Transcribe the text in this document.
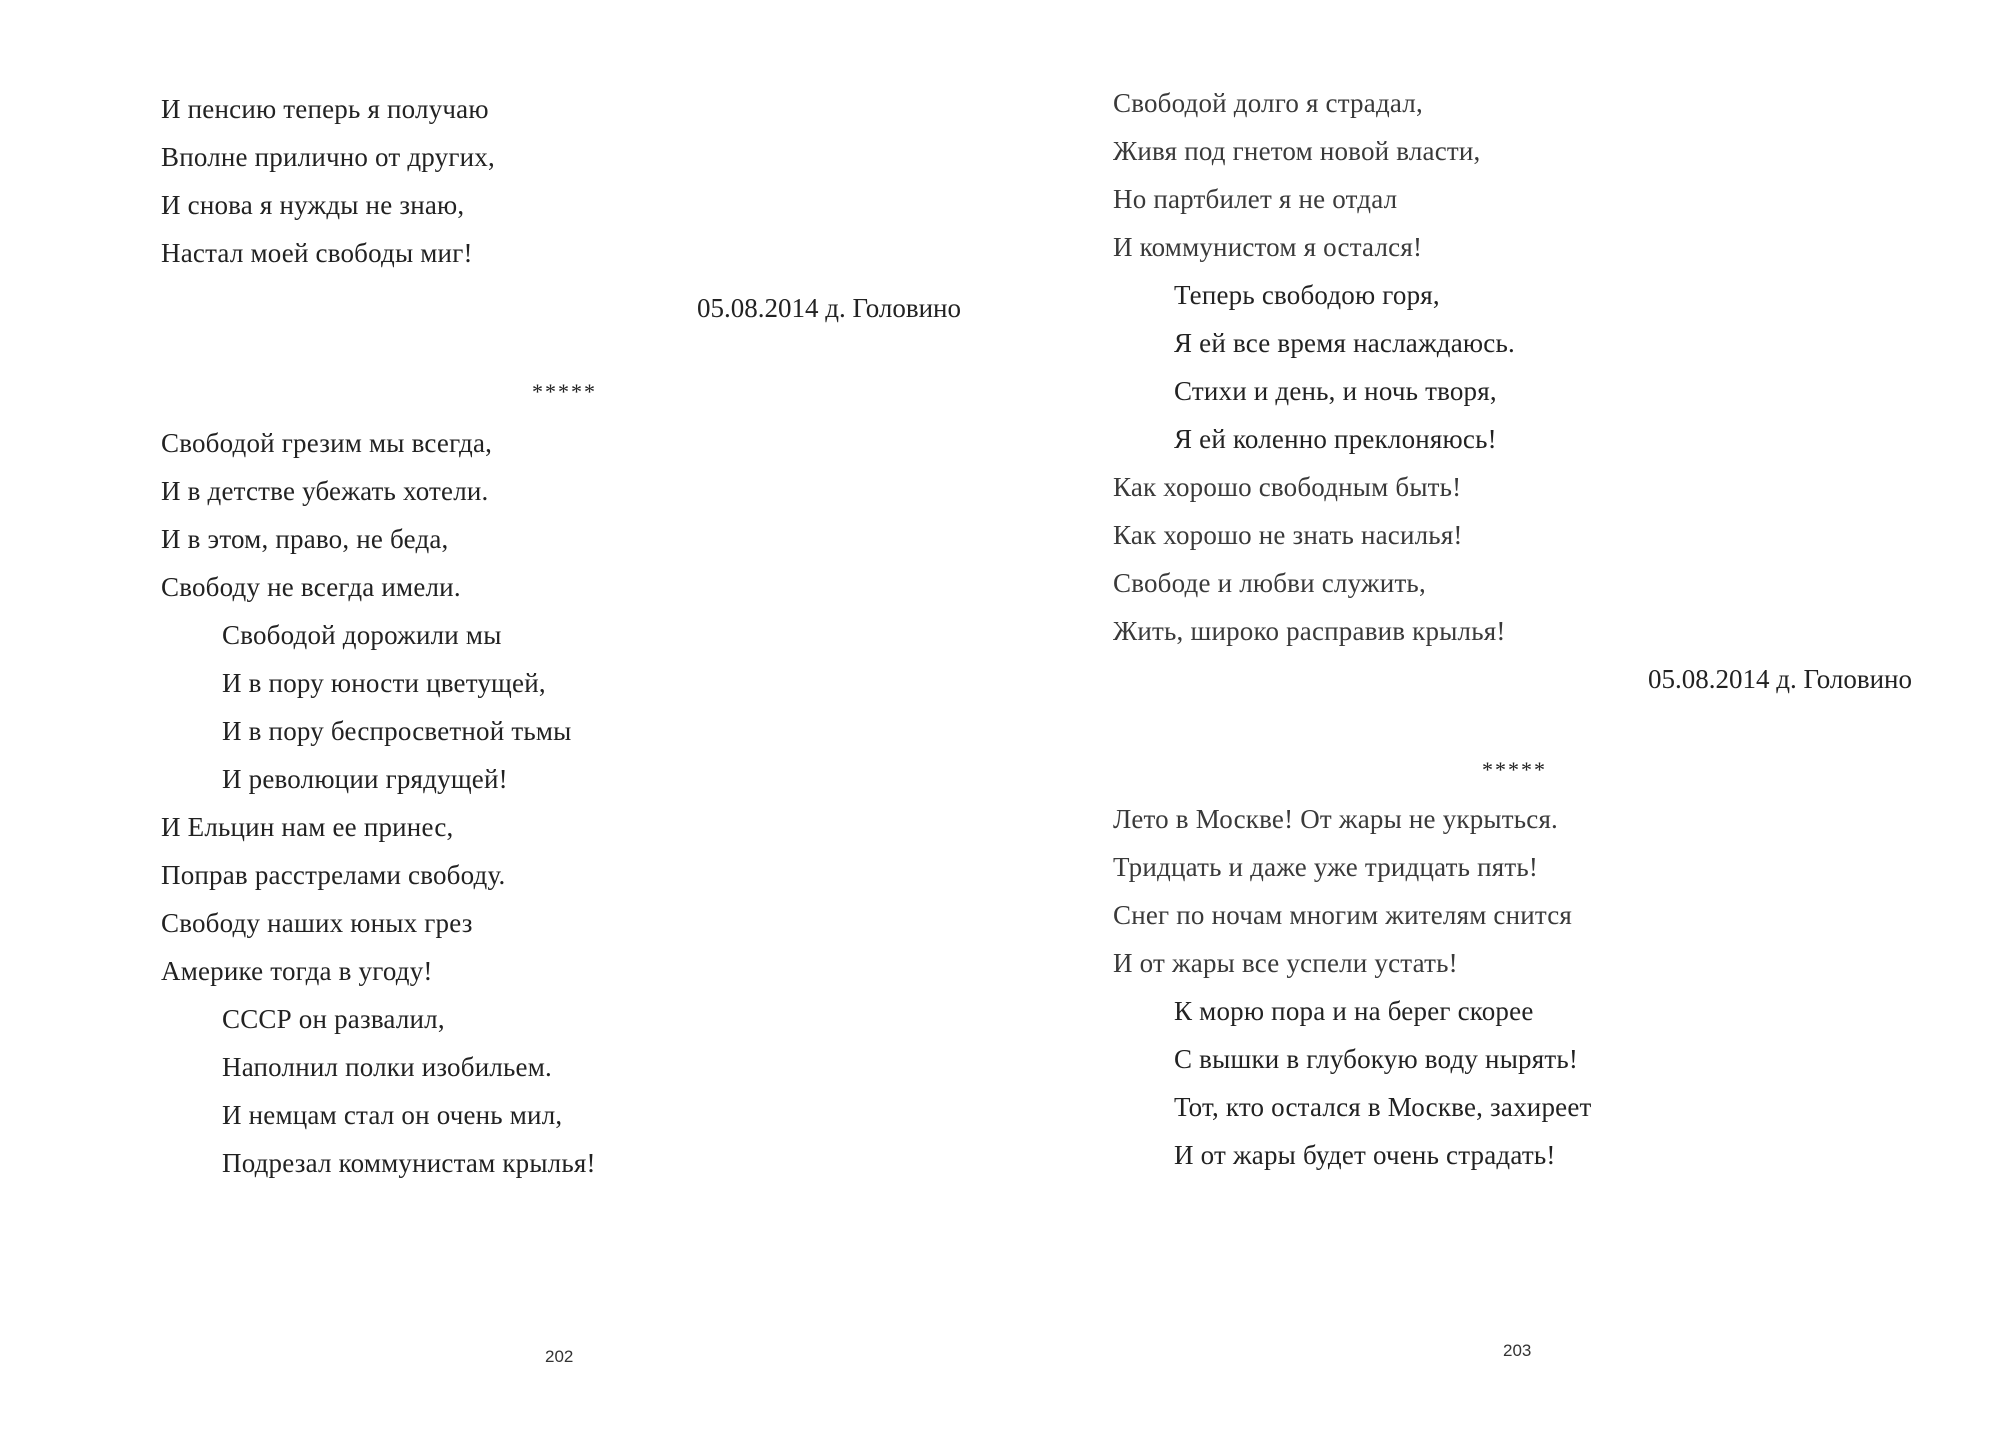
И пенсию теперь я получаю
Вполне прилично от других,
И снова я нужды не знаю,
Настал моей свободы миг!
05.08.2014 д. Головино
*****
Свободой грезим мы всегда,
И в детстве убежать хотели.
И в этом, право, не беда,
Свободу не всегда имели.
Свободой дорожили мы
И в пору юности цветущей,
И в пору беспросветной тьмы
И революции грядущей!
И Ельцин нам ее принес,
Поправ расстрелами свободу.
Свободу наших юных грез
Америке тогда в угоду!
СССР он развалил,
Наполнил полки изобильем.
И немцам стал он очень мил,
Подрезал коммунистам крылья!
202
Свободой долго я страдал,
Живя под гнетом новой власти,
Но партбилет я не отдал
И коммунистом я остался!
Теперь свободою горя,
Я ей все время наслаждаюсь.
Стихи и день, и ночь творя,
Я ей коленно преклоняюсь!
Как хорошо свободным быть!
Как хорошо не знать насилья!
Свободе и любви служить,
Жить, широко расправив крылья!
05.08.2014 д. Головино
*****
Лето в Москве! От жары не укрыться.
Тридцать и даже уже тридцать пять!
Снег по ночам многим жителям снится
И от жары все успели устать!
К морю пора и на берег скорее
С вышки в глубокую воду нырять!
Тот, кто остался в Москве, захиреет
И от жары будет очень страдать!
203
